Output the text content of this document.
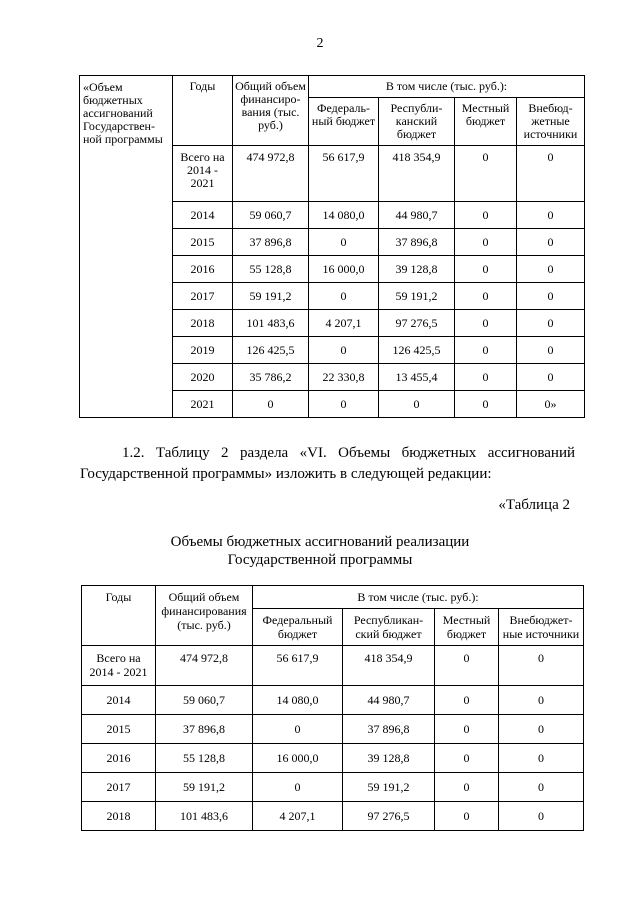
2
«Объем бюджетных ассигнований Государствен-ной программы	Годы	Общий объем финансиро-вания (тыс. руб.)	В том числе (тыс. руб.):			
			Федераль-ный бюджет	Республи-канский бюджет	Местный бюджет	Внебюд-жетные источники
	Всего на 2014 - 2021	474 972,8	56 617,9	418 354,9	0	0
	2014	59 060,7	14 080,0	44 980,7	0	0
	2015	37 896,8	0	37 896,8	0	0
	2016	55 128,8	16 000,0	39 128,8	0	0
	2017	59 191,2	0	59 191,2	0	0
	2018	101 483,6	4 207,1	97 276,5	0	0
	2019	126 425,5	0	126 425,5	0	0
	2020	35 786,2	22 330,8	13 455,4	0	0
	2021	0	0	0	0	0»
1.2. Таблицу 2 раздела «VI. Объемы бюджетных ассигнований Государственной программы» изложить в следующей редакции:
«Таблица 2
Объемы бюджетных ассигнований реализации
Государственной программы
Годы	Общий объем финансирования (тыс. руб.)	В том числе (тыс. руб.):			
		Федеральный бюджет	Республикан-ский бюджет	Местный бюджет	Внебюджет-ные источники
Всего на 2014 - 2021	474 972,8	56 617,9	418 354,9	0	0
2014	59 060,7	14 080,0	44 980,7	0	0
2015	37 896,8	0	37 896,8	0	0
2016	55 128,8	16 000,0	39 128,8	0	0
2017	59 191,2	0	59 191,2	0	0
2018	101 483,6	4 207,1	97 276,5	0	0
